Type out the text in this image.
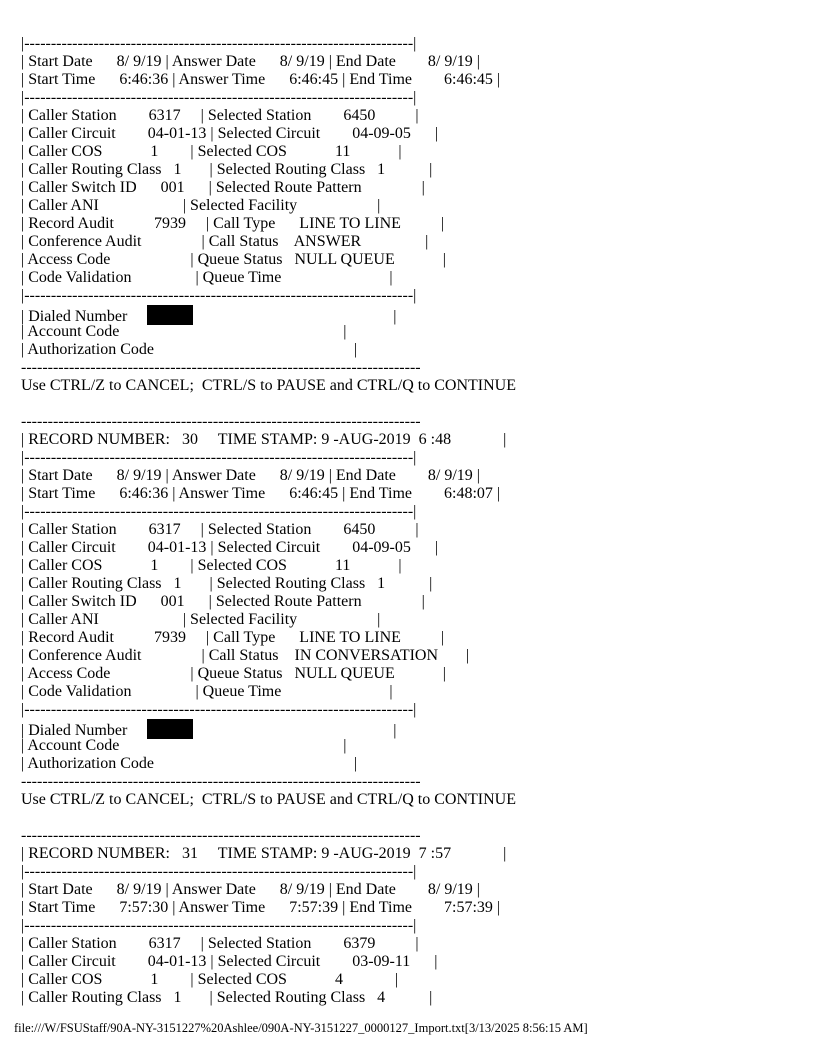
|-------------------------------------------------------------------------|
| Start Date      8/ 9/19 | Answer Date      8/ 9/19 | End Date        8/ 9/19 |
| Start Time      6:46:36 | Answer Time      6:46:45 | End Time        6:46:45 |
|-------------------------------------------------------------------------|
| Caller Station        6317     | Selected Station        6450          |
| Caller Circuit        04-01-13 | Selected Circuit        04-09-05      |
| Caller COS            1        | Selected COS            11            |
| Caller Routing Class   1       | Selected Routing Class   1           |
| Caller Switch ID      001      | Selected Route Pattern               |
| Caller ANI                     | Selected Facility                    |
| Record Audit          7939     | Call Type      LINE TO LINE          |
| Conference Audit               | Call Status    ANSWER                |
| Access Code                    | Queue Status   NULL QUEUE            |
| Code Validation                | Queue Time                           |
|-------------------------------------------------------------------------|
| Dialed Number	|
| Account Code                                                        |
| Authorization Code                                                  |
---------------------------------------------------------------------------
Use CTRL/Z to CANCEL;  CTRL/S to PAUSE and CTRL/Q to CONTINUE

---------------------------------------------------------------------------
| RECORD NUMBER:   30     TIME STAMP: 9 -AUG-2019  6 :48             |
|-------------------------------------------------------------------------|
| Start Date      8/ 9/19 | Answer Date      8/ 9/19 | End Date        8/ 9/19 |
| Start Time      6:46:36 | Answer Time      6:46:45 | End Time        6:48:07 |
|-------------------------------------------------------------------------|
| Caller Station        6317     | Selected Station        6450          |
| Caller Circuit        04-01-13 | Selected Circuit        04-09-05      |
| Caller COS            1        | Selected COS            11            |
| Caller Routing Class   1       | Selected Routing Class   1           |
| Caller Switch ID      001      | Selected Route Pattern               |
| Caller ANI                     | Selected Facility                    |
| Record Audit          7939     | Call Type      LINE TO LINE          |
| Conference Audit               | Call Status    IN CONVERSATION       |
| Access Code                    | Queue Status   NULL QUEUE            |
| Code Validation                | Queue Time                           |
|-------------------------------------------------------------------------|
| Dialed Number	|
| Account Code                                                        |
| Authorization Code                                                  |
---------------------------------------------------------------------------
Use CTRL/Z to CANCEL;  CTRL/S to PAUSE and CTRL/Q to CONTINUE

---------------------------------------------------------------------------
| RECORD NUMBER:   31     TIME STAMP: 9 -AUG-2019  7 :57             |
|-------------------------------------------------------------------------|
| Start Date      8/ 9/19 | Answer Date      8/ 9/19 | End Date        8/ 9/19 |
| Start Time      7:57:30 | Answer Time      7:57:39 | End Time        7:57:39 |
|-------------------------------------------------------------------------|
| Caller Station        6317     | Selected Station        6379          |
| Caller Circuit        04-01-13 | Selected Circuit        03-09-11      |
| Caller COS            1        | Selected COS            4             |
| Caller Routing Class   1       | Selected Routing Class   4           |
file:///W/FSUStaff/90A-NY-3151227%20Ashlee/090A-NY-3151227_0000127_Import.txt[3/13/2025 8:56:15 AM]
